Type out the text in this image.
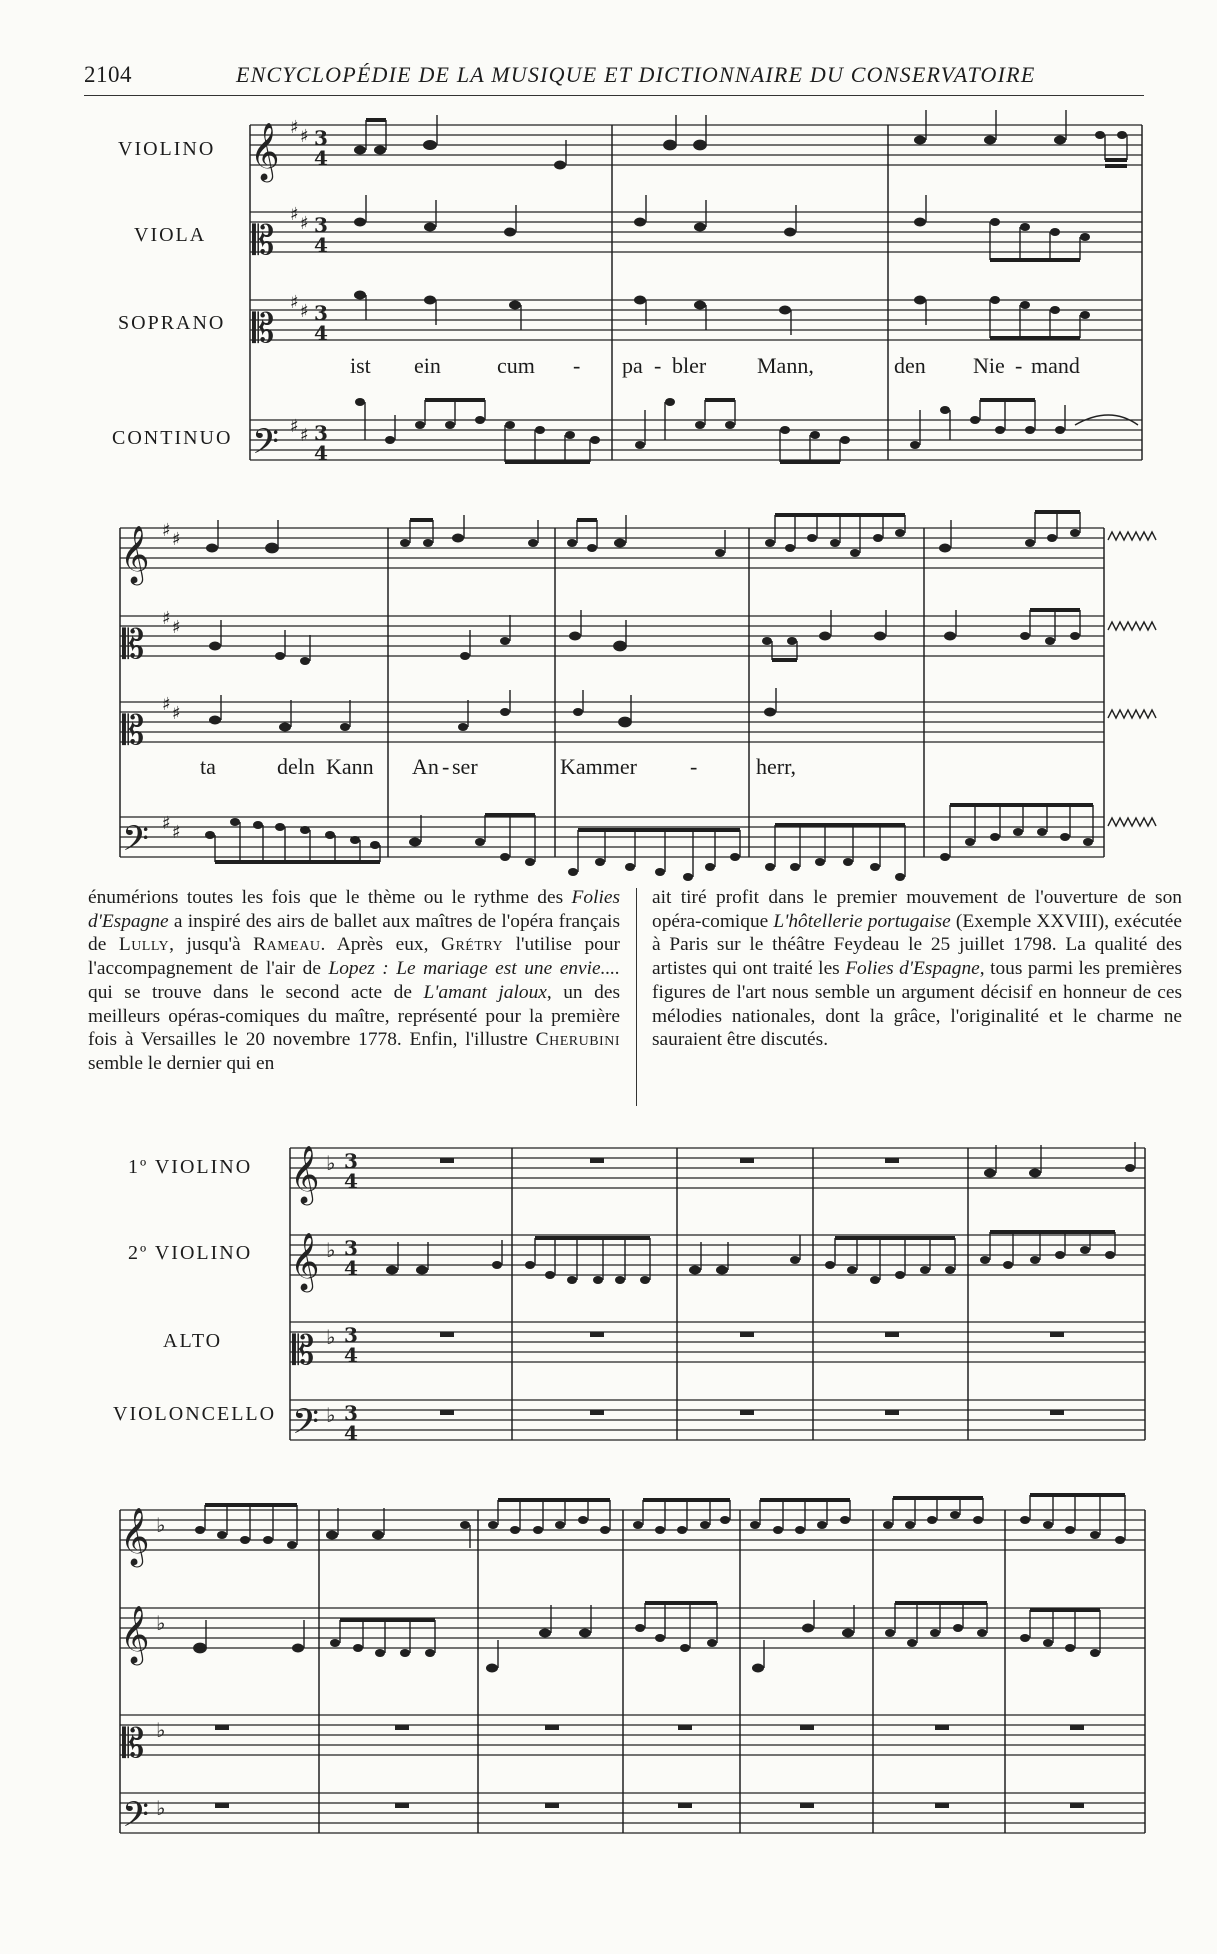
2104	ENCYCLOPÉDIE DE LA MUSIQUE ET DICTIONNAIRE DU CONSERVATOIRE
VIOLINO
VIOLA
SOPRANO
CONTINUO
𝄞
𝄡
𝄡
𝄢
♯ ♯
♯ ♯
♯ ♯
♯ ♯
3
4
3
4
3
4
3
4
ist ein	cum - pa - bler Mann,	den Nie - mand
𝄞
𝄡
𝄡
𝄢
♯ ♯
♯ ♯
♯ ♯
♯ ♯
ta	deln Kann An - ser	Kammer -	herr,

énumérions toutes les fois que le thème ou le rythme des Folies d'Espagne a inspiré des airs de ballet aux maîtres de l'opéra français de Lully, jusqu'à Rameau. Après eux, Grétry l'utilise pour l'accompagnement de l'air de Lopez : Le mariage est une envie.... qui se trouve dans le second acte de L'amant jaloux, un des meilleurs opéras-comiques du maître, représenté pour la première fois à Versailles le 20 novembre 1778. Enfin, l'illustre Cherubini semble le dernier qui en

ait tiré profit dans le premier mouvement de l'ouverture de son opéra-comique L'hôtellerie portugaise (Exemple XXVIII), exécutée à Paris sur le théâtre Feydeau le 25 juillet 1798. La qualité des artistes qui ont traité les Folies d'Espagne, tous parmi les premières figures de l'art nous semble un argument décisif en honneur de ces mélodies nationales, dont la grâce, l'originalité et le charme ne sauraient être discutés.

1º VIOLINO
2º VIOLINO
ALTO
VIOLONCELLO
𝄞
𝄞
𝄡
𝄢
♭
♭
♭
♭
3
4
3
4
3
4
3
4
𝄞
𝄞
𝄡
𝄢
♭
♭
♭
♭
